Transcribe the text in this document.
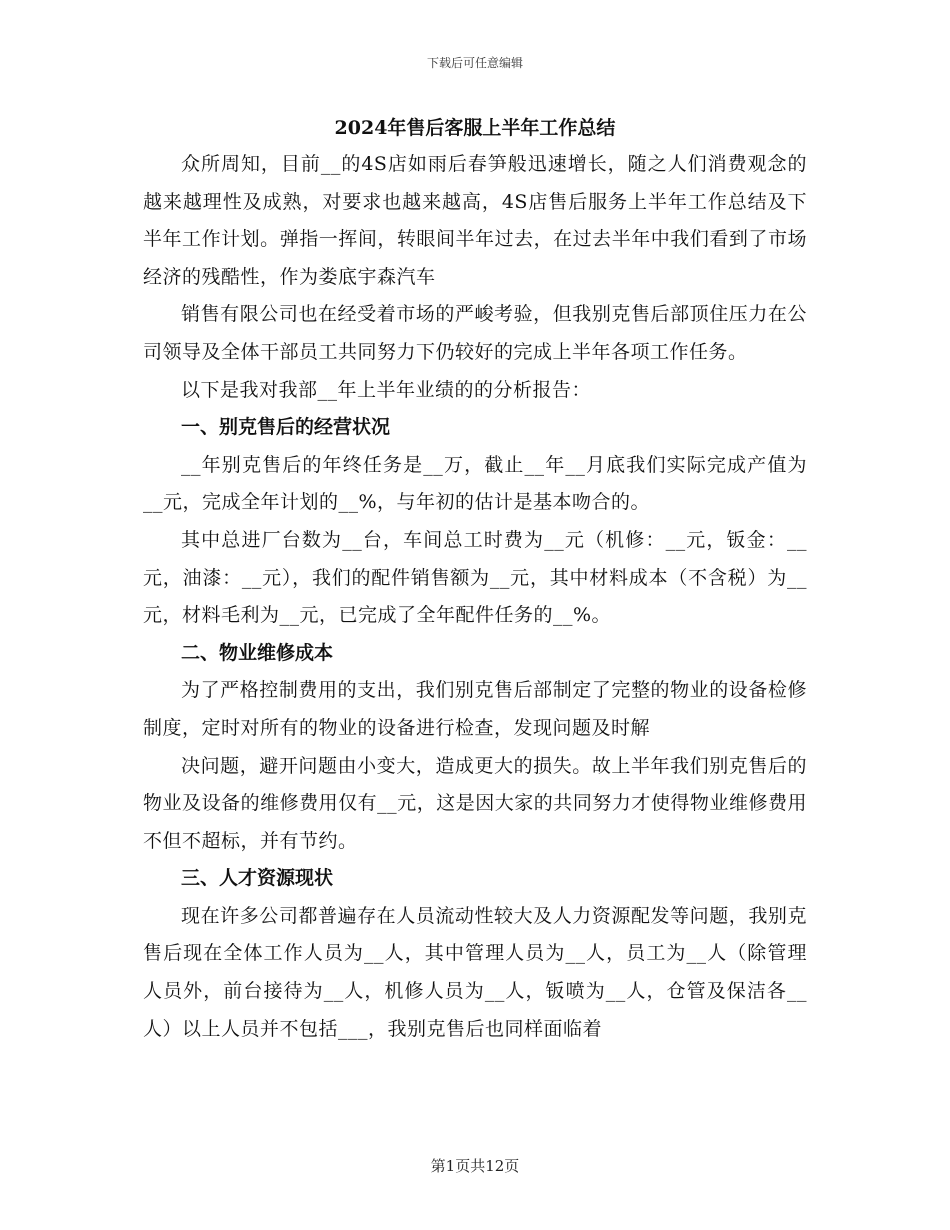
下载后可任意编辑
2024年售后客服上半年工作总结

众所周知，目前__的4S店如雨后春笋般迅速增长，随之人们消费观念的越来越理性及成熟，对要求也越来越高，4S店售后服务上半年工作总结及下半年工作计划。弹指一挥间，转眼间半年过去，在过去半年中我们看到了市场经济的残酷性，作为娄底宇森汽车

销售有限公司也在经受着市场的严峻考验，但我别克售后部顶住压力在公司领导及全体干部员工共同努力下仍较好的完成上半年各项工作任务。

以下是我对我部__年上半年业绩的的分析报告：

一、别克售后的经营状况

__年别克售后的年终任务是__万，截止__年__月底我们实际完成产值为__元，完成全年计划的__%，与年初的估计是基本吻合的。

其中总进厂台数为__台，车间总工时费为__元（机修：__元，钣金：__元，油漆：__元），我们的配件销售额为__元，其中材料成本（不含税）为__元，材料毛利为__元，已完成了全年配件任务的__%。

二、物业维修成本

为了严格控制费用的支出，我们别克售后部制定了完整的物业的设备检修制度，定时对所有的物业的设备进行检查，发现问题及时解

决问题，避开问题由小变大，造成更大的损失。故上半年我们别克售后的物业及设备的维修费用仅有__元，这是因大家的共同努力才使得物业维修费用不但不超标，并有节约。

三、人才资源现状

现在许多公司都普遍存在人员流动性较大及人力资源配发等问题，我别克售后现在全体工作人员为__人，其中管理人员为__人，员工为__人（除管理人员外，前台接待为__人，机修人员为__人，钣喷为__人，仓管及保洁各__人）以上人员并不包括___，我别克售后也同样面临着

第1页共12页
